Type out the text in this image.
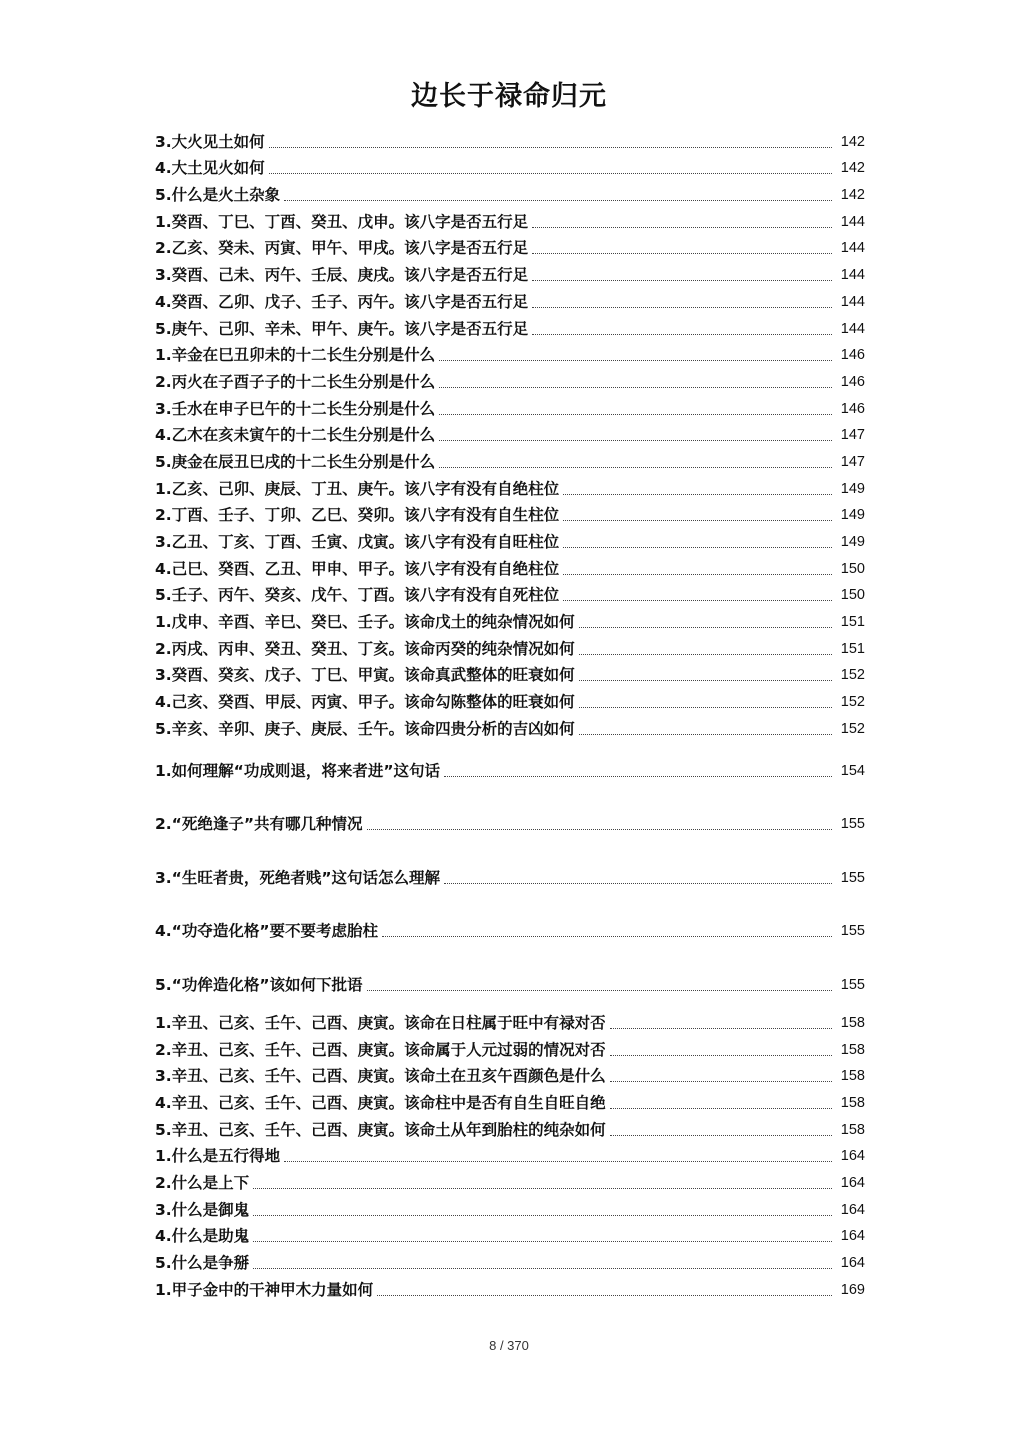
边长于禄命归元
3.大火见土如何	142
4.大土见火如何	142
5.什么是火土杂象	142
1.癸酉、丁巳、丁酉、癸丑、戊申。该八字是否五行足	144
2.乙亥、癸未、丙寅、甲午、甲戌。该八字是否五行足	144
3.癸酉、己未、丙午、壬辰、庚戌。该八字是否五行足	144
4.癸酉、乙卯、戊子、壬子、丙午。该八字是否五行足	144
5.庚午、己卯、辛未、甲午、庚午。该八字是否五行足	144
1.辛金在巳丑卯未的十二长生分别是什么	146
2.丙火在子酉子子的十二长生分别是什么	146
3.壬水在申子巳午的十二长生分别是什么	146
4.乙木在亥未寅午的十二长生分别是什么	147
5.庚金在辰丑巳戌的十二长生分别是什么	147
1.乙亥、己卯、庚辰、丁丑、庚午。该八字有没有自绝柱位	149
2.丁酉、壬子、丁卯、乙巳、癸卯。该八字有没有自生柱位	149
3.乙丑、丁亥、丁酉、壬寅、戊寅。该八字有没有自旺柱位	149
4.己巳、癸酉、乙丑、甲申、甲子。该八字有没有自绝柱位	150
5.壬子、丙午、癸亥、戊午、丁酉。该八字有没有自死柱位	150
1.戊申、辛酉、辛巳、癸巳、壬子。该命戊土的纯杂情况如何	151
2.丙戌、丙申、癸丑、癸丑、丁亥。该命丙癸的纯杂情况如何	151
3.癸酉、癸亥、戊子、丁巳、甲寅。该命真武整体的旺衰如何	152
4.己亥、癸酉、甲辰、丙寅、甲子。该命勾陈整体的旺衰如何	152
5.辛亥、辛卯、庚子、庚辰、壬午。该命四贵分析的吉凶如何	152
1.如何理解“功成则退，将来者进”这句话	154
2.“死绝逢子”共有哪几种情况	155
3.“生旺者贵，死绝者贱”这句话怎么理解	155
4.“功夺造化格”要不要考虑胎柱	155
5.“功侔造化格”该如何下批语	155
1.辛丑、己亥、壬午、己酉、庚寅。该命在日柱属于旺中有禄对否	158
2.辛丑、己亥、壬午、己酉、庚寅。该命属于人元过弱的情况对否	158
3.辛丑、己亥、壬午、己酉、庚寅。该命土在丑亥午酉颜色是什么	158
4.辛丑、己亥、壬午、己酉、庚寅。该命柱中是否有自生自旺自绝	158
5.辛丑、己亥、壬午、己酉、庚寅。该命土从年到胎柱的纯杂如何	158
1.什么是五行得地	164
2.什么是上下	164
3.什么是御鬼	164
4.什么是助鬼	164
5.什么是争掰	164
1.甲子金中的干神甲木力量如何	169
8 / 370
